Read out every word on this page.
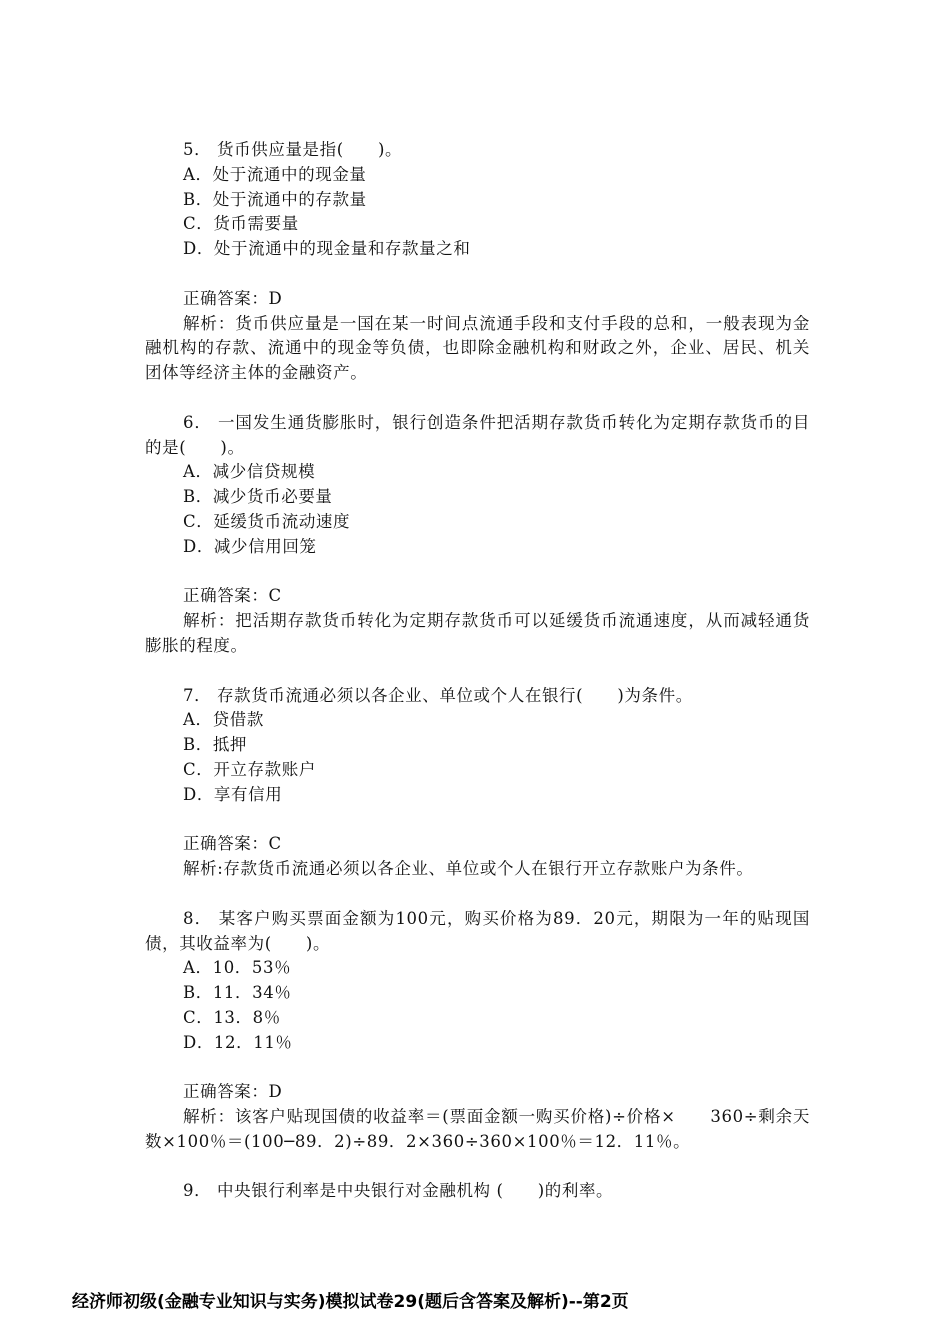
5． 货币供应量是指(　　)。

A．处于流通中的现金量

B．处于流通中的存款量

C．货币需要量

D．处于流通中的现金量和存款量之和

正确答案：D

解析：货币供应量是一国在某一时间点流通手段和支付手段的总和，一般表现为金融机构的存款、流通中的现金等负债，也即除金融机构和财政之外，企业、居民、机关团体等经济主体的金融资产。

6． 一国发生通货膨胀时，银行创造条件把活期存款货币转化为定期存款货币的目的是(　　)。

A．减少信贷规模

B．减少货币必要量

C．延缓货币流动速度

D．减少信用回笼

正确答案：C

解析：把活期存款货币转化为定期存款货币可以延缓货币流通速度，从而减轻通货膨胀的程度。

7． 存款货币流通必须以各企业、单位或个人在银行(　　)为条件。

A．贷借款

B．抵押

C．开立存款账户

D．享有信用

正确答案：C

解析:存款货币流通必须以各企业、单位或个人在银行开立存款账户为条件。

8． 某客户购买票面金额为100元，购买价格为89．20元，期限为一年的贴现国债，其收益率为(　　)。

A．10．53％

B．11．34％

C．13．8％

D．12．11％

正确答案：D

解析：该客户贴现国债的收益率＝(票面金额一购买价格)÷价格×　　360÷剩余天数×100％＝(100─89．2)÷89．2×360÷360×100％＝12．11％。

9． 中央银行利率是中央银行对金融机构 (　　)的利率。

经济师初级(金融专业知识与实务)模拟试卷29(题后含答案及解析)--第2页
